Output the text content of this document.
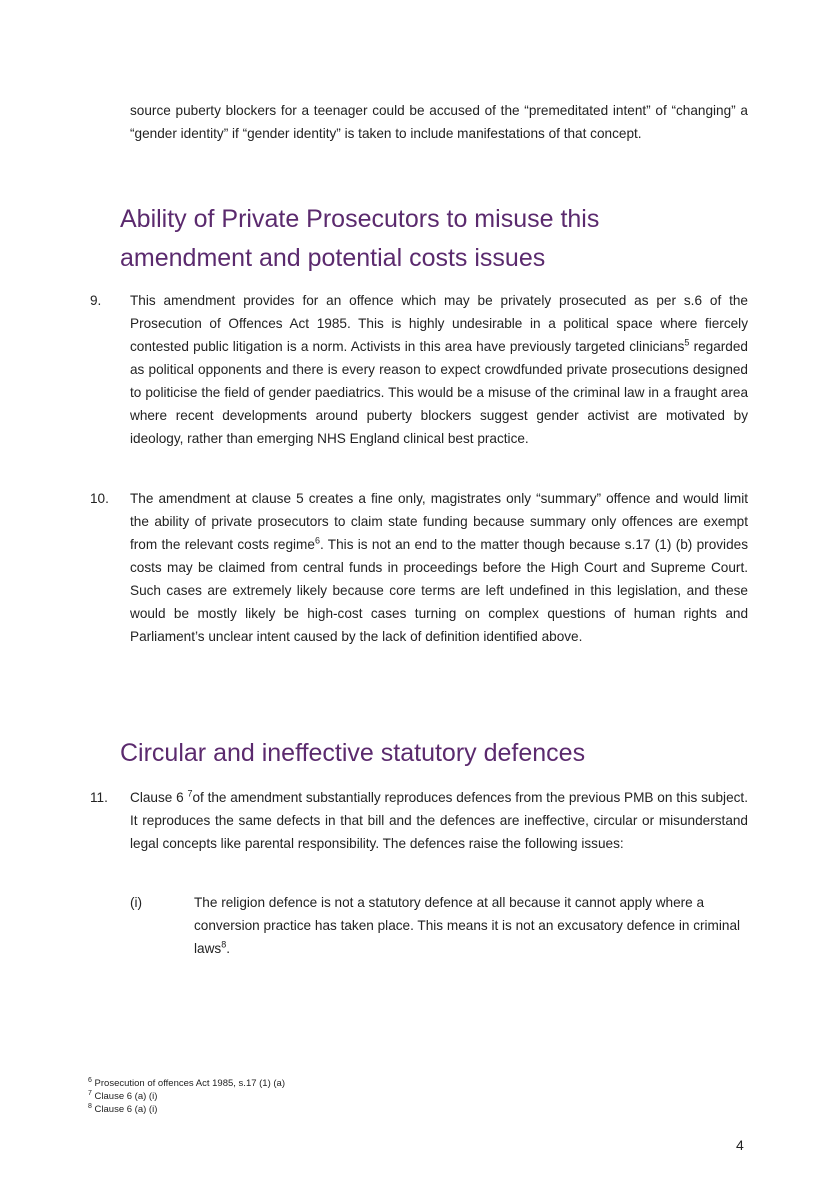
source puberty blockers for a teenager could be accused of the “premeditated intent” of “changing” a “gender identity” if “gender identity” is taken to include manifestations of that concept.

Ability of Private Prosecutors to misuse this
amendment and potential costs issues
9. This amendment provides for an offence which may be privately prosecuted as per s.6 of the Prosecution of Offences Act 1985. This is highly undesirable in a political space where fiercely contested public litigation is a norm. Activists in this area have previously targeted clinicians$^5$ regarded as political opponents and there is every reason to expect crowdfunded private prosecutions designed to politicise the field of gender paediatrics. This would be a misuse of the criminal law in a fraught area where recent developments around puberty blockers suggest gender activist are motivated by ideology, rather than emerging NHS England clinical best practice.

10. The amendment at clause 5 creates a fine only, magistrates only “summary” offence and would limit the ability of private prosecutors to claim state funding because summary only offences are exempt from the relevant costs regime$^6$. This is not an end to the matter though because s.17 (1) (b) provides costs may be claimed from central funds in proceedings before the High Court and Supreme Court. Such cases are extremely likely because core terms are left undefined in this legislation, and these would be mostly likely be high-cost cases turning on complex questions of human rights and Parliament’s unclear intent caused by the lack of definition identified above.

Circular and ineffective statutory defences
11. Clause 6 $^7$of the amendment substantially reproduces defences from the previous PMB on this subject. It reproduces the same defects in that bill and the defences are ineffective, circular or misunderstand legal concepts like parental responsibility. The defences raise the following issues:

(i)	The religion defence is not a statutory defence at all because it cannot apply where a conversion practice has taken place. This means it is not an excusatory defence in criminal laws$^8$.

$^6$ Prosecution of offences Act 1985, s.17 (1) (a)
$^7$ Clause 6 (a) (i)
$^8$ Clause 6 (a) (i)
4
